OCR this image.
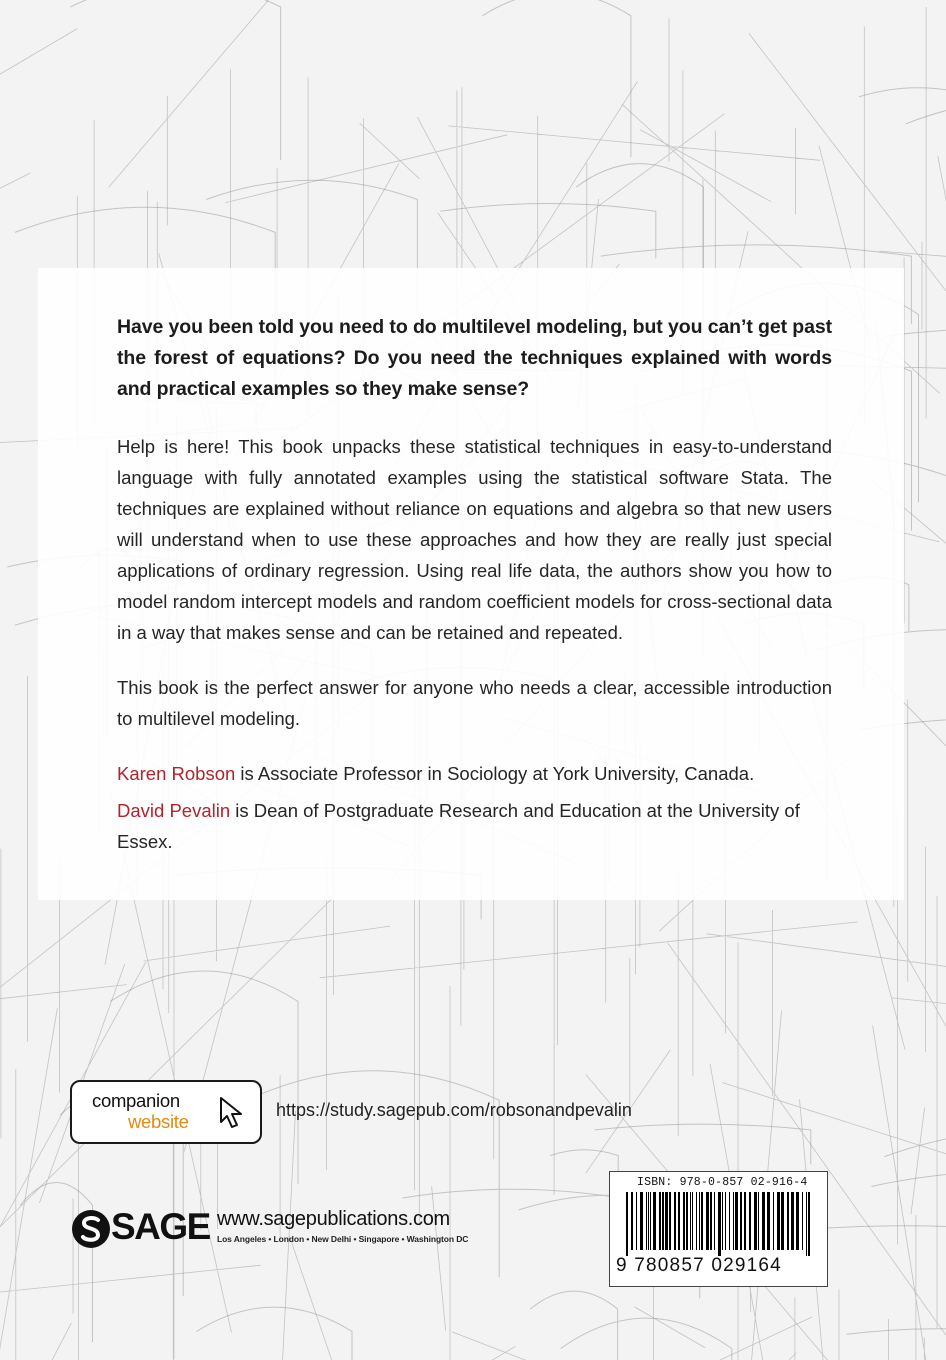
Have you been told you need to do multilevel modeling, but you can’t get past the forest of equations? Do you need the techniques explained with words and practical examples so they make sense?

Help is here! This book unpacks these statistical techniques in easy-to-understand language with fully annotated examples using the statistical software Stata. The techniques are explained without reliance on equations and algebra so that new users will understand when to use these approaches and how they are really just special applications of ordinary regression. Using real life data, the authors show you how to model random intercept models and random coefficient models for cross-sectional data in a way that makes sense and can be retained and repeated.

This book is the perfect answer for anyone who needs a clear, accessible introduction to multilevel modeling.

Karen Robson is Associate Professor in Sociology at York University, Canada.

David Pevalin is Dean of Postgraduate Research and Education at the University of Essex.

companion
website
https://study.sagepub.com/robsonandpevalin
SAGE www.sagepublications.com
Los Angeles • London • New Delhi • Singapore • Washington DC
ISBN: 978-0-857 02-916-4
9 780857 029164
